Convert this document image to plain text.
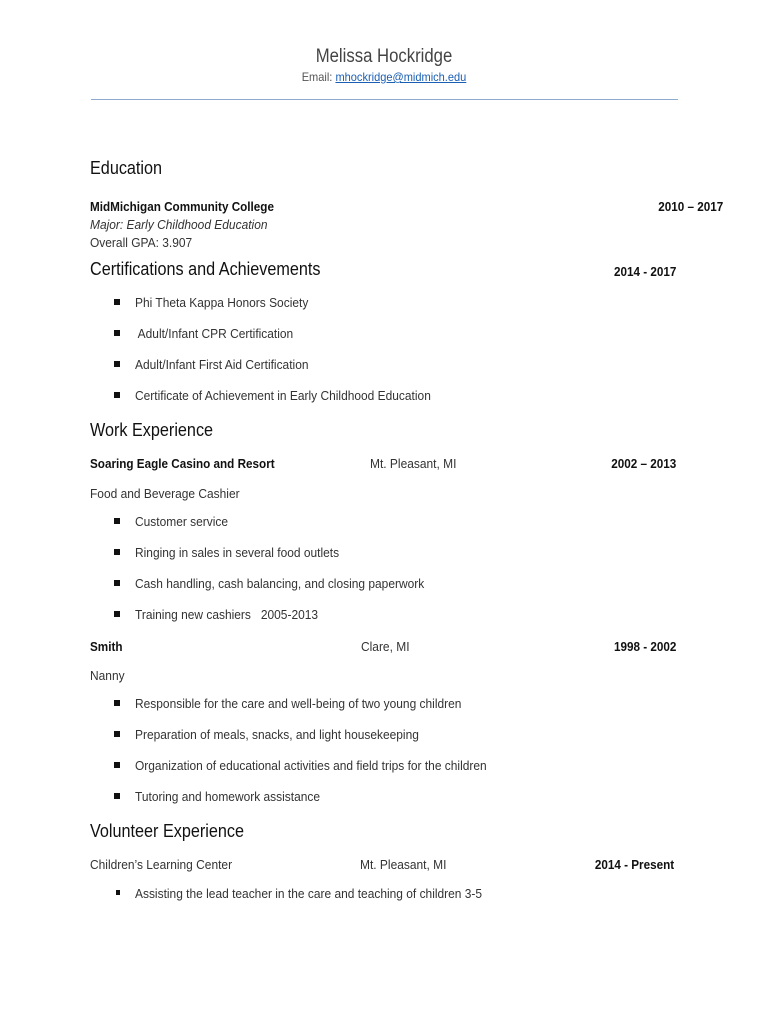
Melissa Hockridge
Email: mhockridge@midmich.edu
Education
MidMichigan Community College	2010 – 2017
Major: Early Childhood Education
Overall GPA: 3.907
Certifications and Achievements	2014 - 2017
Phi Theta Kappa Honors Society
Adult/Infant CPR Certification
Adult/Infant First Aid Certification
Certificate of Achievement in Early Childhood Education
Work Experience
Soaring Eagle Casino and Resort	Mt. Pleasant, MI	2002 – 2013
Food and Beverage Cashier
Customer service
Ringing in sales in several food outlets
Cash handling, cash balancing, and closing paperwork
Training new cashiers   2005-2013
Smith	Clare, MI	1998 - 2002
Nanny
Responsible for the care and well-being of two young children
Preparation of meals, snacks, and light housekeeping
Organization of educational activities and field trips for the children
Tutoring and homework assistance
Volunteer Experience
Children’s Learning Center	Mt. Pleasant, MI	2014 - Present
Assisting the lead teacher in the care and teaching of children 3-5
